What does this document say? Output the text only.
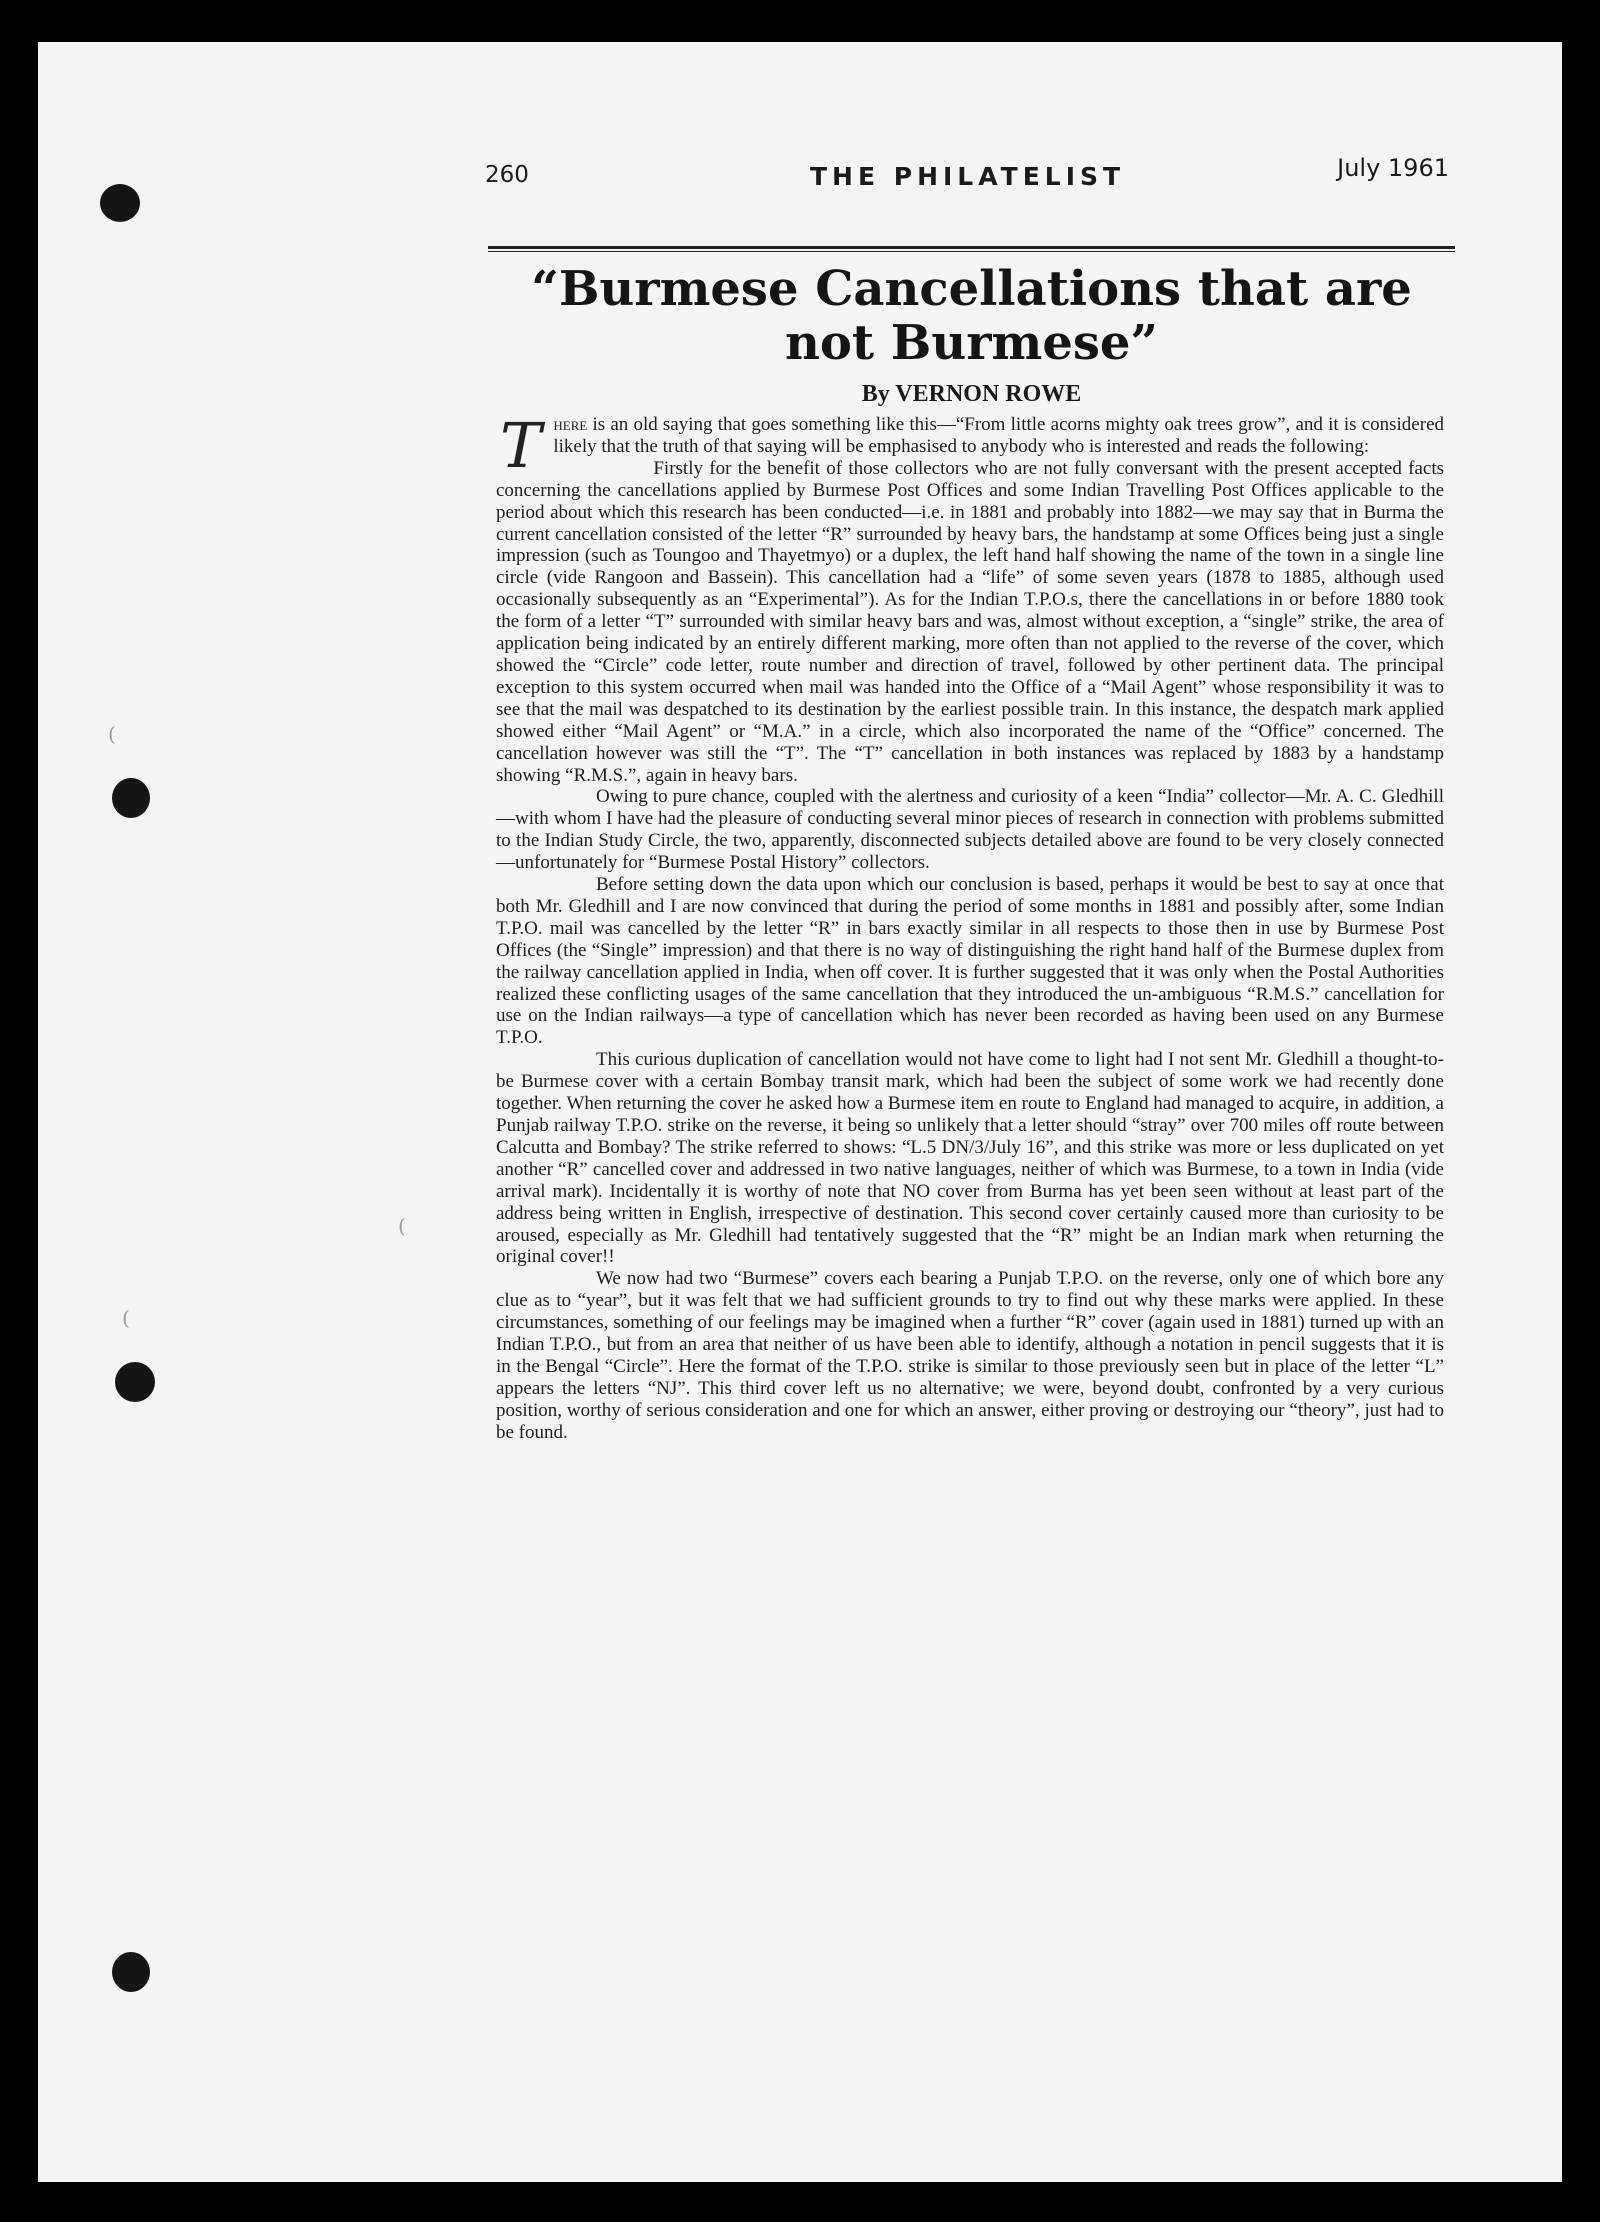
(
(
(
260	THE PHILATELIST	July 1961
“Burmese Cancellations that are
not Burmese”
By VERNON ROWE

There is an old saying that goes something like this—“From little acorns mighty oak trees grow”, and it is considered likely that the truth of that saying will be emphasised to anybody who is interested and reads the following:

Firstly for the benefit of those collectors who are not fully conversant with the present accepted facts concerning the cancellations applied by Burmese Post Offices and some Indian Travelling Post Offices applicable to the period about which this research has been conducted—i.e. in 1881 and probably into 1882—we may say that in Burma the current cancellation consisted of the letter “R” surrounded by heavy bars, the handstamp at some Offices being just a single impression (such as Toungoo and Thayetmyo) or a duplex, the left hand half showing the name of the town in a single line circle (vide Rangoon and Bassein). This cancellation had a “life” of some seven years (1878 to 1885, although used occasionally subsequently as an “Experimental”). As for the Indian T.P.O.s, there the cancellations in or before 1880 took the form of a letter “T” surrounded with similar heavy bars and was, almost without exception, a “single” strike, the area of application being indicated by an entirely different marking, more often than not applied to the reverse of the cover, which showed the “Circle” code letter, route number and direction of travel, followed by other pertinent data. The principal exception to this system occurred when mail was handed into the Office of a “Mail Agent” whose responsibility it was to see that the mail was despatched to its destination by the earliest possible train. In this instance, the despatch mark applied showed either “Mail Agent” or “M.A.” in a circle, which also incorporated the name of the “Office” concerned. The cancellation however was still the “T”. The “T” cancellation in both instances was replaced by 1883 by a handstamp showing “R.M.S.”, again in heavy bars.

Owing to pure chance, coupled with the alertness and curiosity of a keen “India” collector—Mr. A. C. Gledhill—with whom I have had the pleasure of conducting several minor pieces of research in connection with problems submitted to the Indian Study Circle, the two, apparently, disconnected subjects detailed above are found to be very closely connected—unfortunately for “Burmese Postal History” collectors.

Before setting down the data upon which our conclusion is based, perhaps it would be best to say at once that both Mr. Gledhill and I are now convinced that during the period of some months in 1881 and possibly after, some Indian T.P.O. mail was cancelled by the letter “R” in bars exactly similar in all respects to those then in use by Burmese Post Offices (the “Single” impression) and that there is no way of distinguishing the right hand half of the Burmese duplex from the railway cancellation applied in India, when off cover. It is further suggested that it was only when the Postal Authorities realized these conflicting usages of the same cancellation that they introduced the un-ambiguous “R.M.S.” cancellation for use on the Indian railways—a type of cancellation which has never been recorded as having been used on any Burmese T.P.O.

This curious duplication of cancellation would not have come to light had I not sent Mr. Gledhill a thought-to-be Burmese cover with a certain Bombay transit mark, which had been the subject of some work we had recently done together. When returning the cover he asked how a Burmese item en route to England had managed to acquire, in addition, a Punjab railway T.P.O. strike on the reverse, it being so unlikely that a letter should “stray” over 700 miles off route between Calcutta and Bombay? The strike referred to shows: “L.5 DN/3/July 16”, and this strike was more or less duplicated on yet another “R” cancelled cover and addressed in two native languages, neither of which was Burmese, to a town in India (vide arrival mark). Incidentally it is worthy of note that NO cover from Burma has yet been seen without at least part of the address being written in English, irrespective of destination. This second cover certainly caused more than curiosity to be aroused, especially as Mr. Gledhill had tentatively suggested that the “R” might be an Indian mark when returning the original cover!!

We now had two “Burmese” covers each bearing a Punjab T.P.O. on the reverse, only one of which bore any clue as to “year”, but it was felt that we had sufficient grounds to try to find out why these marks were applied. In these circumstances, something of our feelings may be imagined when a further “R” cover (again used in 1881) turned up with an Indian T.P.O., but from an area that neither of us have been able to identify, although a notation in pencil suggests that it is in the Bengal “Circle”. Here the format of the T.P.O. strike is similar to those previously seen but in place of the letter “L” appears the letters “NJ”. This third cover left us no alternative; we were, beyond doubt, confronted by a very curious position, worthy of serious consideration and one for which an answer, either proving or destroying our “theory”, just had to be found.
